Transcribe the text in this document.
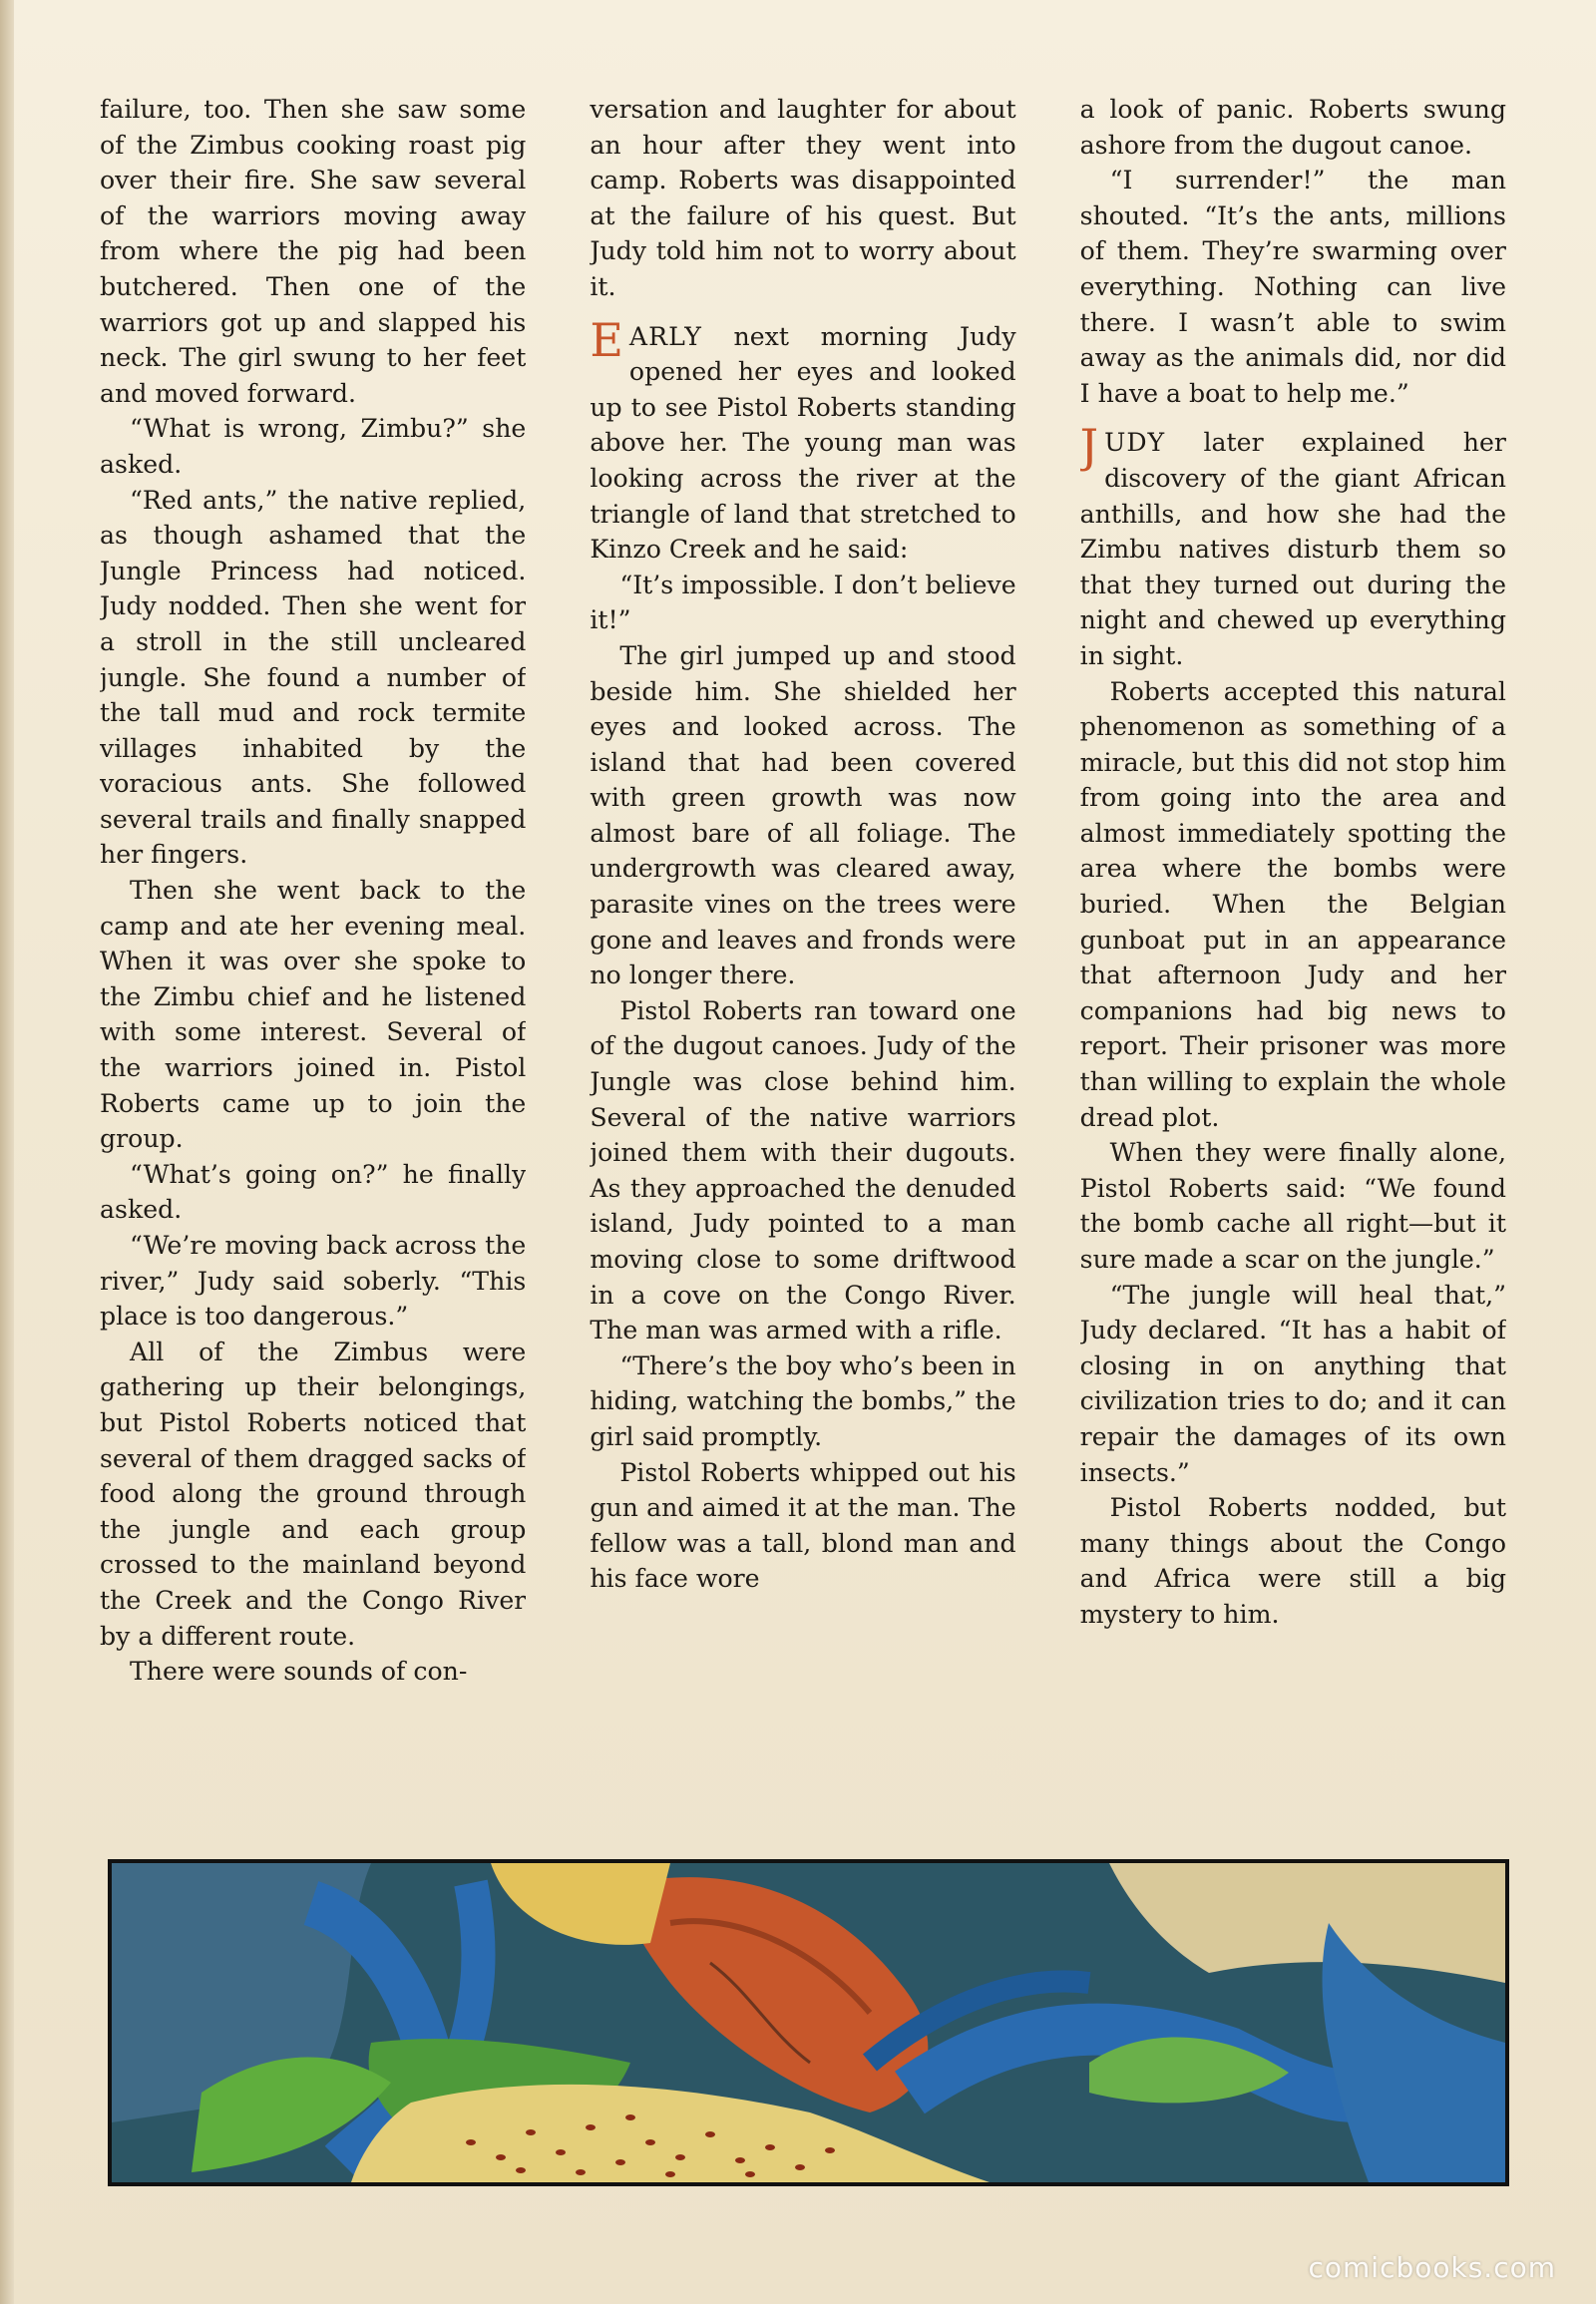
failure, too. Then she saw some of the Zimbus cooking roast pig over their fire. She saw several of the warriors moving away from where the pig had been butchered. Then one of the warriors got up and slapped his neck. The girl swung to her feet and moved forward.

“What is wrong, Zimbu?” she asked.

“Red ants,” the native replied, as though ashamed that the Jungle Princess had noticed. Judy nodded. Then she went for a stroll in the still uncleared jungle. She found a number of the tall mud and rock termite villages inhabited by the voracious ants. She followed several trails and finally snapped her fingers.

Then she went back to the camp and ate her evening meal. When it was over she spoke to the Zimbu chief and he listened with some interest. Several of the warriors joined in. Pistol Roberts came up to join the group.

“What’s going on?” he finally asked.

“We’re moving back across the river,” Judy said soberly. “This place is too dangerous.”

All of the Zimbus were gathering up their belongings, but Pistol Roberts noticed that several of them dragged sacks of food along the ground through the jungle and each group crossed to the mainland beyond the Creek and the Congo River by a different route.

There were sounds of con-

versation and laughter for about an hour after they went into camp. Roberts was disappointed at the failure of his quest. But Judy told him not to worry about it.

EARLY next morning Judy opened her eyes and looked up to see Pistol Roberts standing above her. The young man was looking across the river at the triangle of land that stretched to Kinzo Creek and he said:

“It’s impossible. I don’t believe it!”

The girl jumped up and stood beside him. She shielded her eyes and looked across. The island that had been covered with green growth was now almost bare of all foliage. The undergrowth was cleared away, parasite vines on the trees were gone and leaves and fronds were no longer there.

Pistol Roberts ran toward one of the dugout canoes. Judy of the Jungle was close behind him. Several of the native warriors joined them with their dugouts. As they approached the denuded island, Judy pointed to a man moving close to some driftwood in a cove on the Congo River. The man was armed with a rifle.

“There’s the boy who’s been in hiding, watching the bombs,” the girl said promptly.

Pistol Roberts whipped out his gun and aimed it at the man. The fellow was a tall, blond man and his face wore

a look of panic. Roberts swung ashore from the dugout canoe.

“I surrender!” the man shouted. “It’s the ants, millions of them. They’re swarming over everything. Nothing can live there. I wasn’t able to swim away as the animals did, nor did I have a boat to help me.”

JUDY later explained her discovery of the giant African anthills, and how she had the Zimbu natives disturb them so that they turned out during the night and chewed up everything in sight.

Roberts accepted this natural phenomenon as something of a miracle, but this did not stop him from going into the area and almost immediately spotting the area where the bombs were buried. When the Belgian gunboat put in an appearance that afternoon Judy and her companions had big news to report. Their prisoner was more than willing to explain the whole dread plot.

When they were finally alone, Pistol Roberts said: “We found the bomb cache all right—but it sure made a scar on the jungle.”

“The jungle will heal that,” Judy declared. “It has a habit of closing in on anything that civilization tries to do; and it can repair the damages of its own insects.”

Pistol Roberts nodded, but many things about the Congo and Africa were still a big mystery to him.

comicbooks.com
